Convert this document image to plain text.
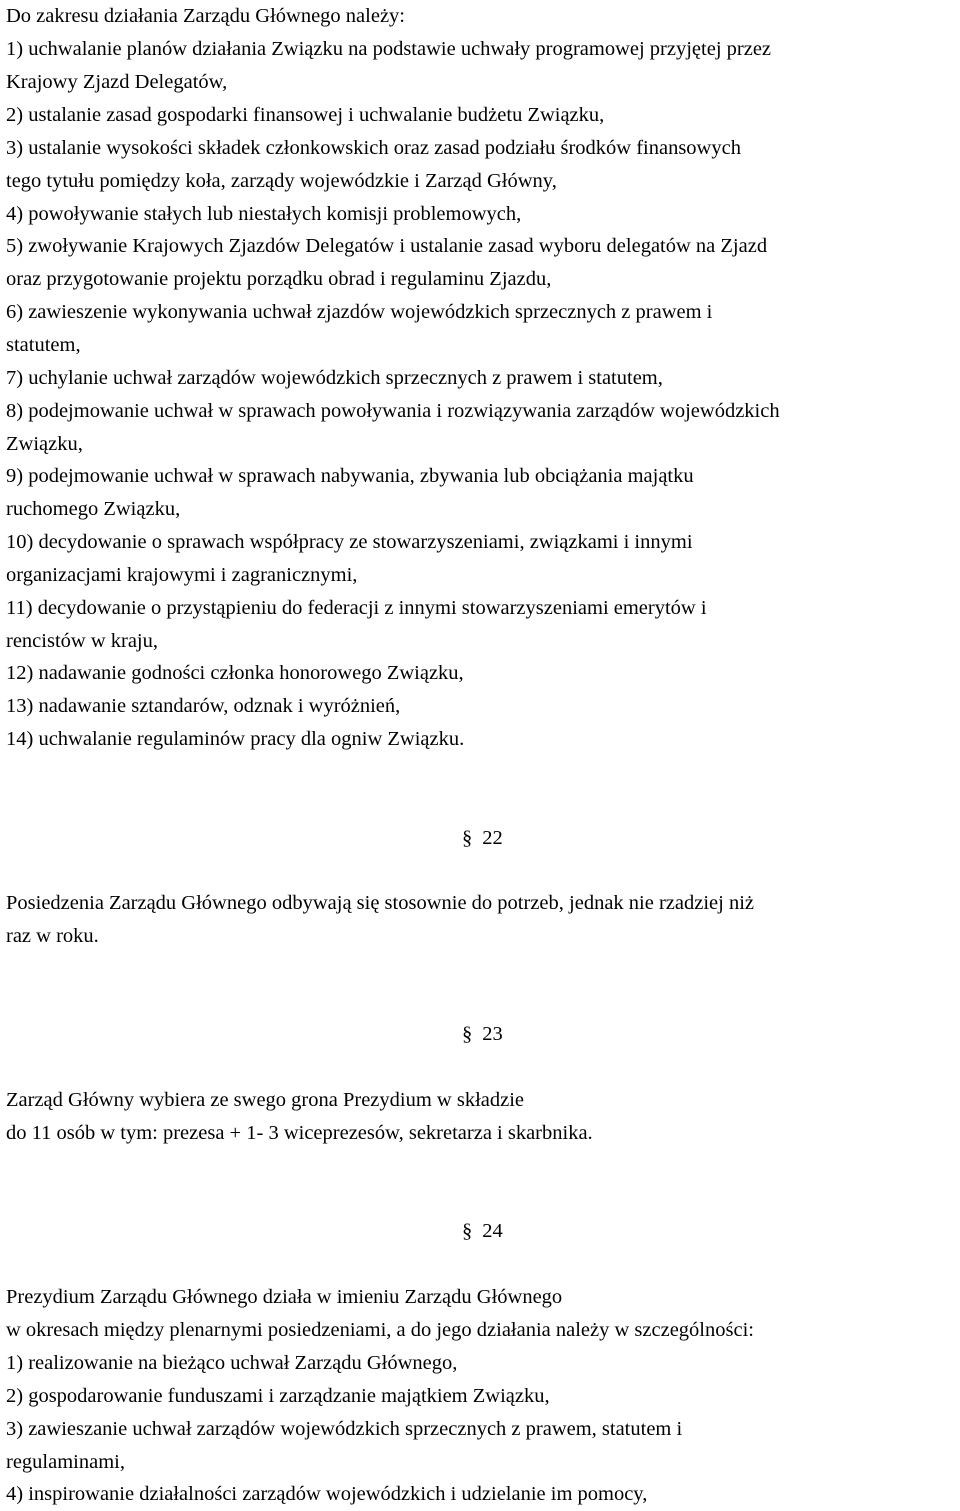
Do zakresu działania Zarządu Głównego należy:
1) uchwalanie planów działania Związku na podstawie uchwały programowej przyjętej przez
Krajowy Zjazd Delegatów,
2) ustalanie zasad gospodarki finansowej i uchwalanie budżetu Związku,
3) ustalanie wysokości składek członkowskich oraz zasad podziału środków finansowych
tego tytułu pomiędzy koła, zarządy wojewódzkie i Zarząd Główny,
4) powoływanie stałych lub niestałych komisji problemowych,
5) zwoływanie Krajowych Zjazdów Delegatów i ustalanie zasad wyboru delegatów na Zjazd
oraz przygotowanie projektu porządku obrad i regulaminu Zjazdu,
6) zawieszenie wykonywania uchwał zjazdów wojewódzkich sprzecznych z prawem i
statutem,
7) uchylanie uchwał zarządów wojewódzkich sprzecznych z prawem i statutem,
8) podejmowanie uchwał w sprawach powoływania i rozwiązywania zarządów wojewódzkich
Związku,
9) podejmowanie uchwał w sprawach nabywania, zbywania lub obciążania majątku
ruchomego Związku,
10) decydowanie o sprawach współpracy ze stowarzyszeniami, związkami i innymi
organizacjami krajowymi i zagranicznymi,
11) decydowanie o przystąpieniu do federacji z innymi stowarzyszeniami emerytów i
rencistów w kraju,
12) nadawanie godności członka honorowego Związku,
13) nadawanie sztandarów, odznak i wyróżnień,
14) uchwalanie regulaminów pracy dla ogniw Związku.
§ 22
Posiedzenia Zarządu Głównego odbywają się stosownie do potrzeb, jednak nie rzadziej niż
raz w roku.
§ 23
Zarząd Główny wybiera ze swego grona Prezydium w składzie
do 11 osób w tym: prezesa + 1- 3 wiceprezesów, sekretarza i skarbnika.
§ 24
Prezydium Zarządu Głównego działa w imieniu Zarządu Głównego
w okresach między plenarnymi posiedzeniami, a do jego działania należy w szczególności:
1) realizowanie na bieżąco uchwał Zarządu Głównego,
2) gospodarowanie funduszami i zarządzanie majątkiem Związku,
3) zawieszanie uchwał zarządów wojewódzkich sprzecznych z prawem, statutem i
regulaminami,
4) inspirowanie działalności zarządów wojewódzkich i udzielanie im pomocy,
